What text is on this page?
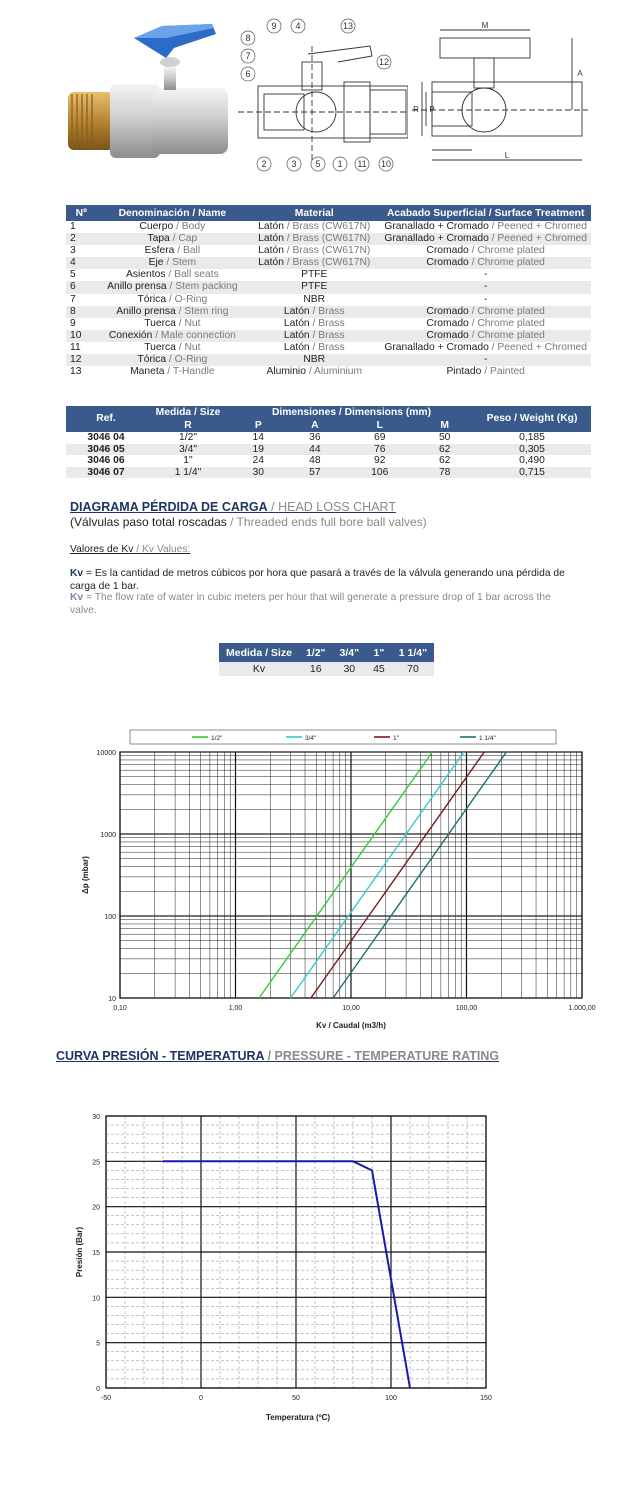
9 4	13
8
7
6
12
2	3 5 1 11 10
M
A
R P
L
Nº	Denominación / Name	Material	Acabado Superficial / Surface Treatment
1	Cuerpo / Body	Latón / Brass (CW617N)	Granallado + Cromado / Peened + Chromed
2	Tapa / Cap	Latón / Brass (CW617N)	Granallado + Cromado / Peened + Chromed
3	Esfera / Ball	Latón / Brass (CW617N)	Cromado / Chrome plated
4	Eje / Stem	Latón / Brass (CW617N)	Cromado / Chrome plated
5	Asientos / Ball seats	PTFE	-
6	Anillo prensa / Stem packing	PTFE	-
7	Tórica / O-Ring	NBR	-
8	Anillo prensa / Stem ring	Latón / Brass	Cromado / Chrome plated
9	Tuerca / Nut	Latón / Brass	Cromado / Chrome plated
10	Conexión / Male connection	Latón / Brass	Cromado / Chrome plated
11	Tuerca / Nut	Latón / Brass	Granallado + Cromado / Peened + Chromed
12	Tórica / O-Ring	NBR	-
13	Maneta / T-Handle	Aluminio / Aluminium	Pintado / Painted
Ref.	Medida / Size	Dimensiones / Dimensions (mm)				Peso / Weight (Kg)
	R	P	A	L	M	
3046 04	1/2"	14	36	69	50	0,185
3046 05	3/4"	19	44	76	62	0,305
3046 06	1"	24	48	92	62	0,490
3046 07	1 1/4"	30	57	106	78	0,715
DIAGRAMA PÉRDIDA DE CARGA / HEAD LOSS CHART
(Válvulas paso total roscadas / Threaded ends full bore ball valves)
Valores de Kv / Kv Values:
Kv = Es la cantidad de metros cúbicos por hora que pasará a través de la válvula generando una pérdida de carga de 1 bar.
Kv = The flow rate of water in cubic meters per hour that will generate a pressure drop of 1 bar across the valve.
Medida / Size	1/2"	3/4"	1"	1 1/4"
Kv	16	30	45	70
1/2"	3/4"	1"	1 1/4"
0,10	1,00	10,00	100,00	1.000,00
10
100
1000
10000
Kv / Caudal (m3/h)
Δp (mbar)
CURVA PRESIÓN - TEMPERATURA / PRESSURE - TEMPERATURE RATING
-50	0	50	100	150
0
5
10
15
20
25
30
Temperatura (ºC)
Presión (Bar)
